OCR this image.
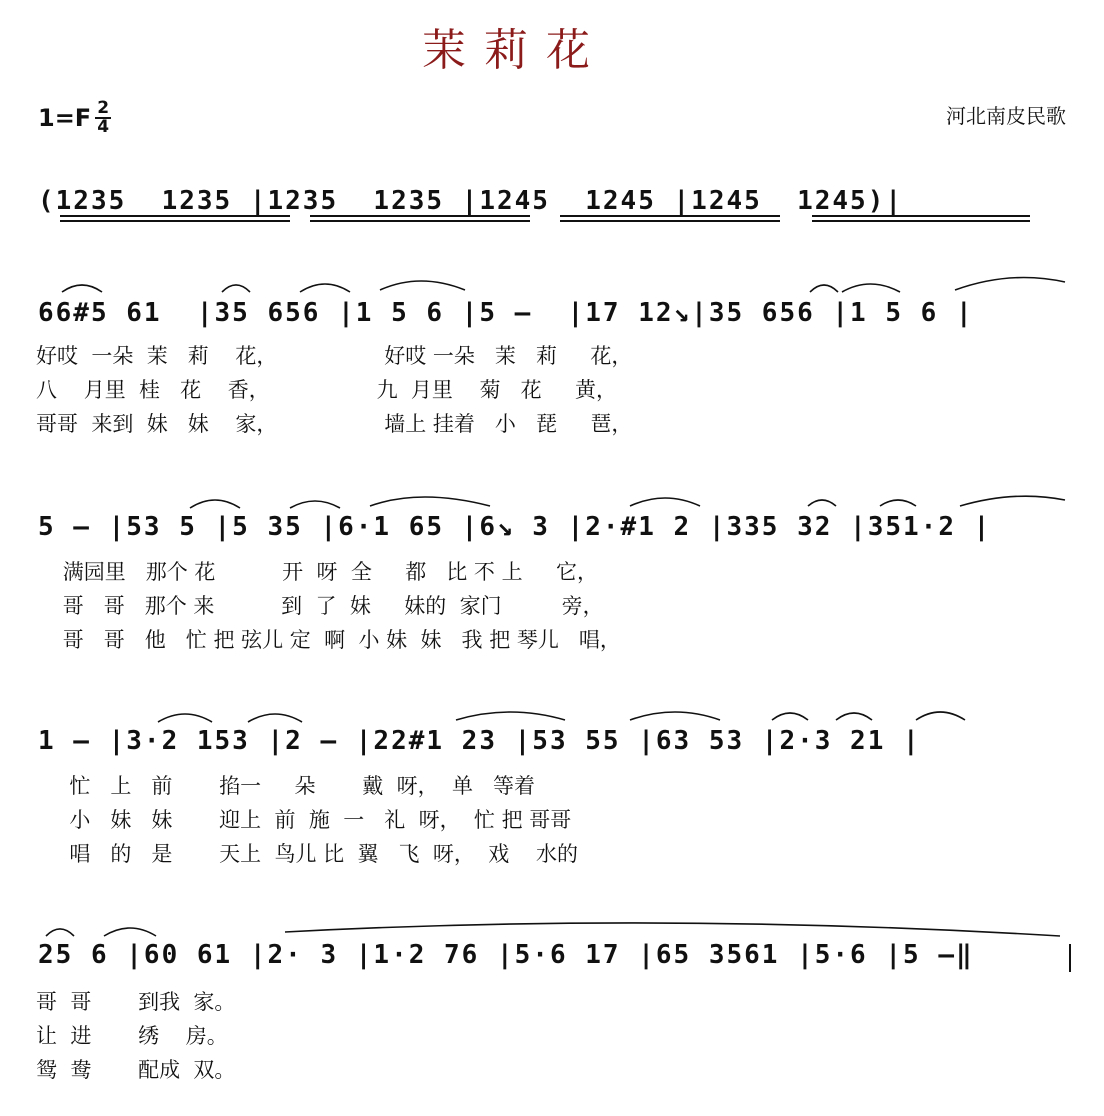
茉莉花
$1=F \frac{2}{4}$	河北南皮民歌
(1235  1235 |1235  1235 |1245  1245 |1245  1245)|
66#5 61  |35 656 |1 5 6 |5 –  |17 12↘|35 656 |1 5 6 |
好哎  一朵  茉   莉    花，                好哎 一朵   茉   莉     花，
八    月里  桂   花    香，                九  月里    菊   花     黄，
哥哥  来到  妹   妹    家，                墙上 挂着   小   琵     琶，
5 – |53 5 |5 35 |6·1 65 |6↘ 3 |2·#1 2 |335 32 |351·2 |
满园里   那个 花          开  呀  全     都   比 不 上     它，
哥   哥   那个 来          到  了  妹     妹的  家门         旁，
哥   哥   他   忙 把 弦儿 定  啊  小 妹  妹   我 把 琴儿   唱，
1 – |3·2 153 |2 – |22#1 23 |53 55 |63 53 |2·3 21 |
忙   上   前       掐一     朵       戴  呀，  单   等着
小   妹   妹       迎上  前  施  一   礼  呀，  忙 把 哥哥
唱   的   是       天上  鸟儿 比  翼   飞  呀，  戏    水的
25 6 |60 61 |2· 3 |1·2 76 |5·6 17 |65 3561 |5·6 |5 –‖
哥  哥       到我  家。
让  进       绣    房。
鸳  鸯       配成  双。
